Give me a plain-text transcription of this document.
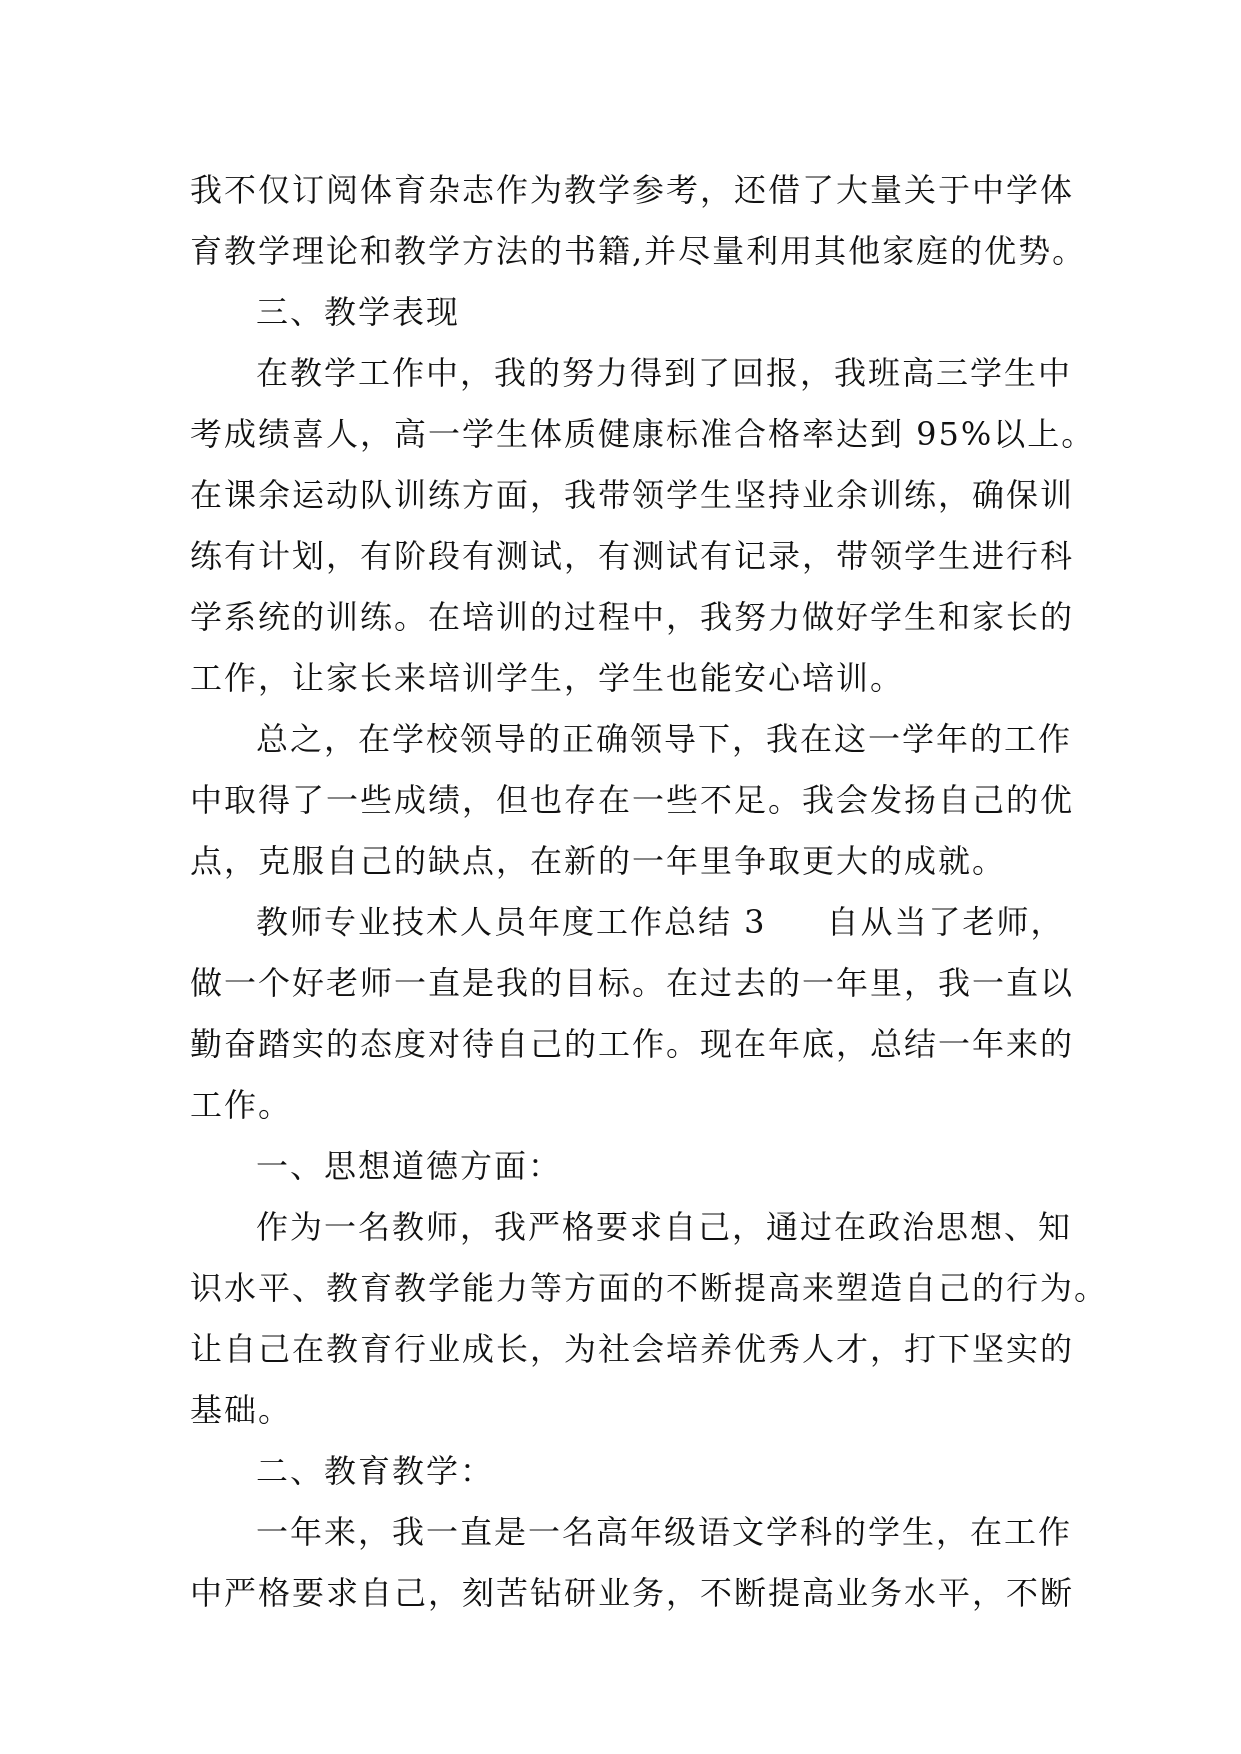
我不仅订阅体育杂志作为教学参考，还借了大量关于中学体
育教学理论和教学方法的书籍,并尽量利用其他家庭的优势。
三、教学表现
在教学工作中，我的努力得到了回报，我班高三学生中
考成绩喜人，高一学生体质健康标准合格率达到 95%以上。
在课余运动队训练方面，我带领学生坚持业余训练，确保训
练有计划，有阶段有测试，有测试有记录，带领学生进行科
学系统的训练。在培训的过程中，我努力做好学生和家长的
工作，让家长来培训学生，学生也能安心培训。
总之，在学校领导的正确领导下，我在这一学年的工作
中取得了一些成绩，但也存在一些不足。我会发扬自己的优
点，克服自己的缺点，在新的一年里争取更大的成就。
教师专业技术人员年度工作总结 3 自从当了老师，
做一个好老师一直是我的目标。在过去的一年里，我一直以
勤奋踏实的态度对待自己的工作。现在年底，总结一年来的
工作。
一、思想道德方面：
作为一名教师，我严格要求自己，通过在政治思想、知
识水平、教育教学能力等方面的不断提高来塑造自己的行为。
让自己在教育行业成长，为社会培养优秀人才，打下坚实的
基础。
二、教育教学：
一年来，我一直是一名高年级语文学科的学生，在工作
中严格要求自己，刻苦钻研业务，不断提高业务水平，不断
